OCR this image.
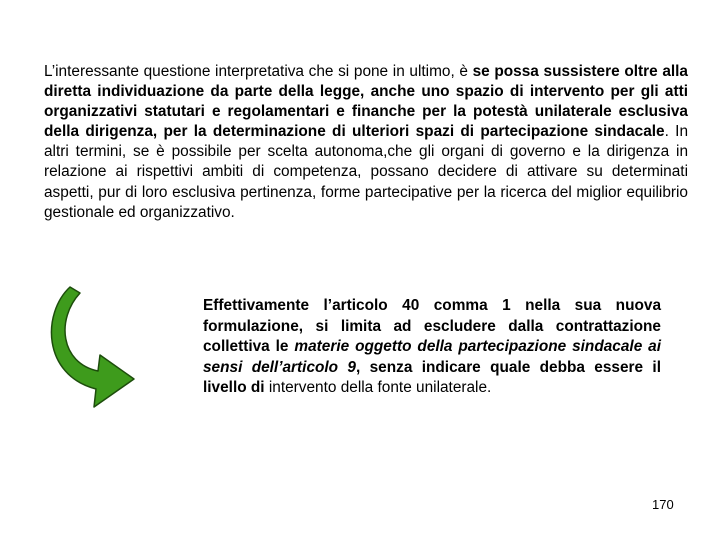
L’interessante questione interpretativa che si pone in ultimo, è se possa sussistere oltre alla diretta individuazione da parte della legge, anche uno spazio di intervento per gli atti organizzativi statutari e regolamentari e finanche per la potestà unilaterale esclusiva della dirigenza, per la determinazione di ulteriori spazi di partecipazione sindacale. In altri termini, se è possibile per scelta autonoma,che gli organi di governo e la dirigenza in relazione ai rispettivi ambiti di competenza, possano decidere di attivare su determinati aspetti, pur di loro esclusiva pertinenza, forme partecipative per la ricerca del miglior equilibrio gestionale ed organizzativo.

Effettivamente l’articolo 40 comma 1 nella sua nuova formulazione, si limita ad escludere dalla contrattazione collettiva le materie oggetto della partecipazione sindacale ai sensi dell’articolo 9, senza indicare quale debba essere il livello di intervento della fonte unilaterale.

170
